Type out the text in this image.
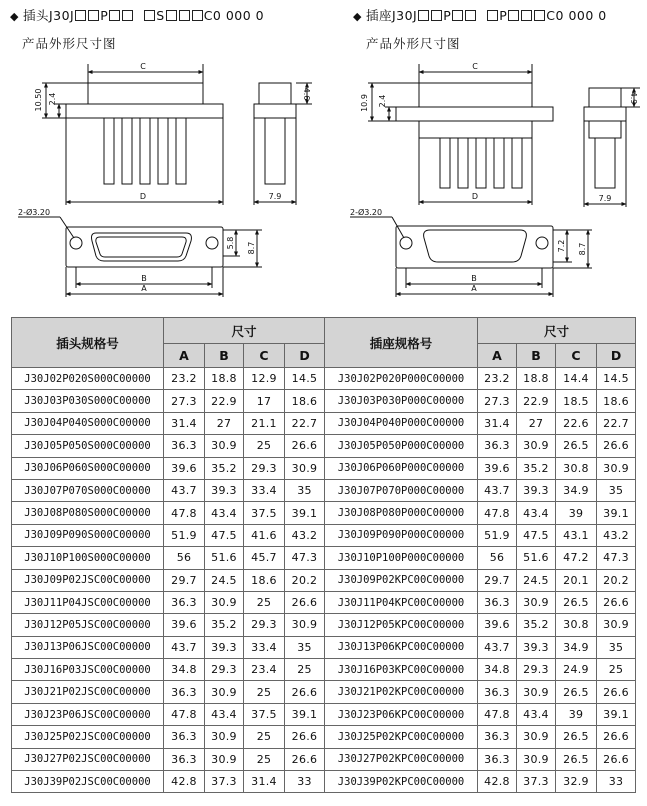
◆ 插头J30J P	S	C0 000 0	◆ 插座J30J P	P	C0 000 0
产品外形尺寸图	产品外形尺寸图
C
D
10.50 2.4	4.6
7.9
2-Ø3.20
5.8 8.7
B
A
C
D
10.9 2.4	4.9
7.9
2-Ø3.20
7.2 8.7
B
A
插头规格号	尺寸				插座规格号	尺寸			
	A	B	C	D		A	B	C	D
J30J02P020S000C00000	23.2	18.8	12.9	14.5	J30J02P020P000C00000	23.2	18.8	14.4	14.5
J30J03P030S000C00000	27.3	22.9	17	18.6	J30J03P030P000C00000	27.3	22.9	18.5	18.6
J30J04P040S000C00000	31.4	27	21.1	22.7	J30J04P040P000C00000	31.4	27	22.6	22.7
J30J05P050S000C00000	36.3	30.9	25	26.6	J30J05P050P000C00000	36.3	30.9	26.5	26.6
J30J06P060S000C00000	39.6	35.2	29.3	30.9	J30J06P060P000C00000	39.6	35.2	30.8	30.9
J30J07P070S000C00000	43.7	39.3	33.4	35	J30J07P070P000C00000	43.7	39.3	34.9	35
J30J08P080S000C00000	47.8	43.4	37.5	39.1	J30J08P080P000C00000	47.8	43.4	39	39.1
J30J09P090S000C00000	51.9	47.5	41.6	43.2	J30J09P090P000C00000	51.9	47.5	43.1	43.2
J30J10P100S000C00000	56	51.6	45.7	47.3	J30J10P100P000C00000	56	51.6	47.2	47.3
J30J09P02JSC00C00000	29.7	24.5	18.6	20.2	J30J09P02KPC00C00000	29.7	24.5	20.1	20.2
J30J11P04JSC00C00000	36.3	30.9	25	26.6	J30J11P04KPC00C00000	36.3	30.9	26.5	26.6
J30J12P05JSC00C00000	39.6	35.2	29.3	30.9	J30J12P05KPC00C00000	39.6	35.2	30.8	30.9
J30J13P06JSC00C00000	43.7	39.3	33.4	35	J30J13P06KPC00C00000	43.7	39.3	34.9	35
J30J16P03JSC00C00000	34.8	29.3	23.4	25	J30J16P03KPC00C00000	34.8	29.3	24.9	25
J30J21P02JSC00C00000	36.3	30.9	25	26.6	J30J21P02KPC00C00000	36.3	30.9	26.5	26.6
J30J23P06JSC00C00000	47.8	43.4	37.5	39.1	J30J23P06KPC00C00000	47.8	43.4	39	39.1
J30J25P02JSC00C00000	36.3	30.9	25	26.6	J30J25P02KPC00C00000	36.3	30.9	26.5	26.6
J30J27P02JSC00C00000	36.3	30.9	25	26.6	J30J27P02KPC00C00000	36.3	30.9	26.5	26.6
J30J39P02JSC00C00000	42.8	37.3	31.4	33	J30J39P02KPC00C00000	42.8	37.3	32.9	33
